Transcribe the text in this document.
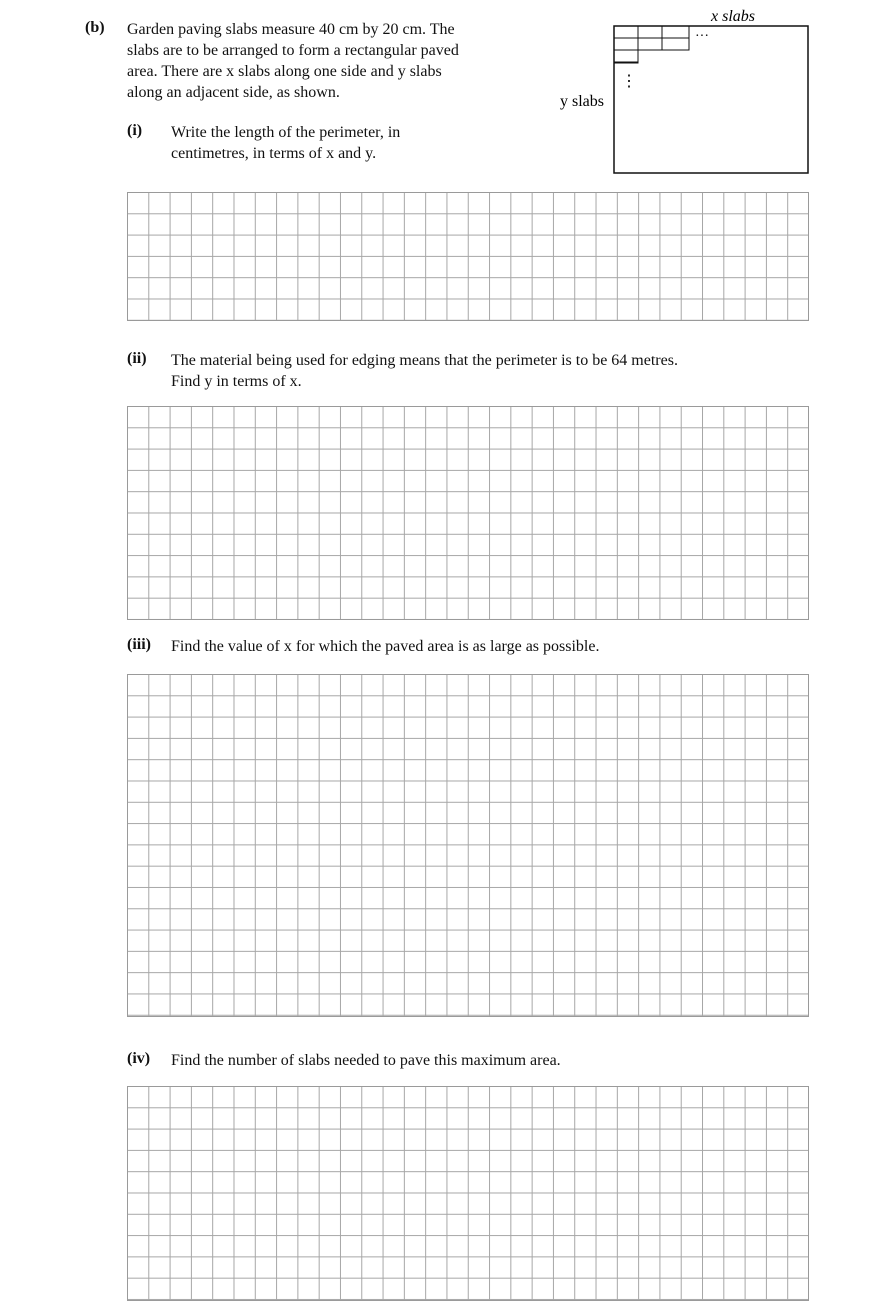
(b) Garden paving slabs measure 40 cm by 20 cm. The
slabs are to be arranged to form a rectangular paved
area. There are x slabs along one side and y slabs
along an adjacent side, as shown.
x slabs
y slabs
···
⋮
(i) Write the length of the perimeter, in
centimetres, in terms of x and y.
(ii) The material being used for edging means that the perimeter is to be 64 metres.
Find y in terms of x.
(iii) Find the value of x for which the paved area is as large as possible.
(iv) Find the number of slabs needed to pave this maximum area.
